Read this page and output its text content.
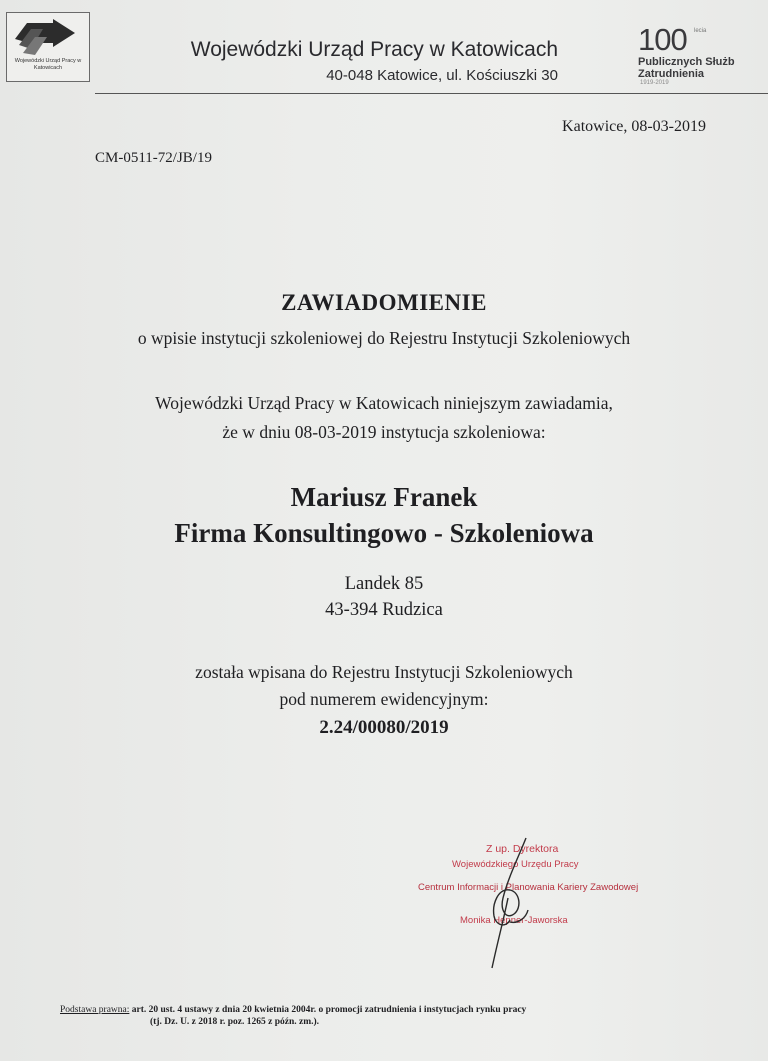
Wojewódzki Urząd Pracy w Katowicach
Wojewódzki Urząd Pracy w Katowicach
40-048 Katowice, ul. Kościuszki 30
100	lecia
Publicznych Służb
Zatrudnienia
1919-2019
Katowice, 08-03-2019
CM-0511-72/JB/19
ZAWIADOMIENIE
o wpisie instytucji szkoleniowej do Rejestru Instytucji Szkoleniowych
Wojewódzki Urząd Pracy w Katowicach niniejszym zawiadamia,
że w dniu 08-03-2019 instytucja szkoleniowa:
Mariusz Franek
Firma Konsultingowo - Szkoleniowa
Landek 85
43-394 Rudzica
została wpisana do Rejestru Instytucji Szkoleniowych
pod numerem ewidencyjnym:
2.24/00080/2019
Z up. Dyrektora
Wojewódzkiego Urzędu Pracy
Centrum Informacji i Planowania Kariery Zawodowej
Monika Hepner-Jaworska
Podstawa prawna: art. 20 ust. 4 ustawy z dnia 20 kwietnia 2004r. o promocji zatrudnienia i instytucjach rynku pracy
(tj. Dz. U. z 2018 r. poz. 1265 z późn. zm.).
